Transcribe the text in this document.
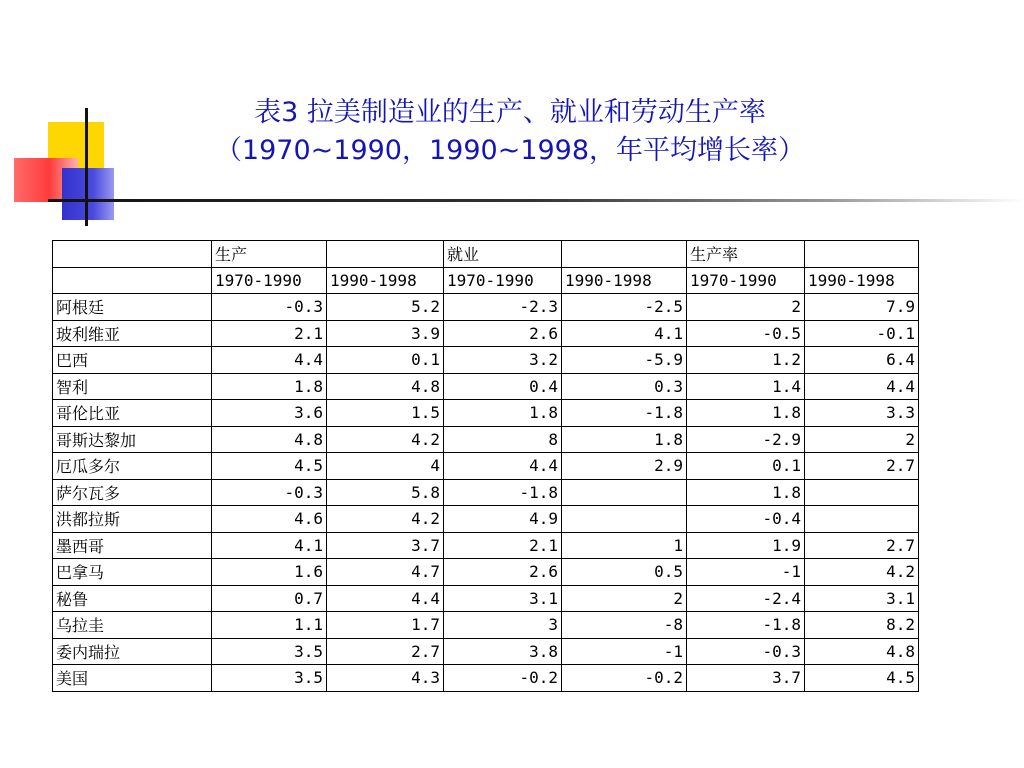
表3 拉美制造业的生产、就业和劳动生产率
（1970~1990，1990~1998，年平均增长率）
	生产		就业		生产率	
	1970-1990	1990-1998	1970-1990	1990-1998	1970-1990	1990-1998
阿根廷	-0.3	5.2	-2.3	-2.5	2	7.9
玻利维亚	2.1	3.9	2.6	4.1	-0.5	-0.1
巴西	4.4	0.1	3.2	-5.9	1.2	6.4
智利	1.8	4.8	0.4	0.3	1.4	4.4
哥伦比亚	3.6	1.5	1.8	-1.8	1.8	3.3
哥斯达黎加	4.8	4.2	8	1.8	-2.9	2
厄瓜多尔	4.5	4	4.4	2.9	0.1	2.7
萨尔瓦多	-0.3	5.8	-1.8		1.8	
洪都拉斯	4.6	4.2	4.9		-0.4	
墨西哥	4.1	3.7	2.1	1	1.9	2.7
巴拿马	1.6	4.7	2.6	0.5	-1	4.2
秘鲁	0.7	4.4	3.1	2	-2.4	3.1
乌拉圭	1.1	1.7	3	-8	-1.8	8.2
委内瑞拉	3.5	2.7	3.8	-1	-0.3	4.8
美国	3.5	4.3	-0.2	-0.2	3.7	4.5
